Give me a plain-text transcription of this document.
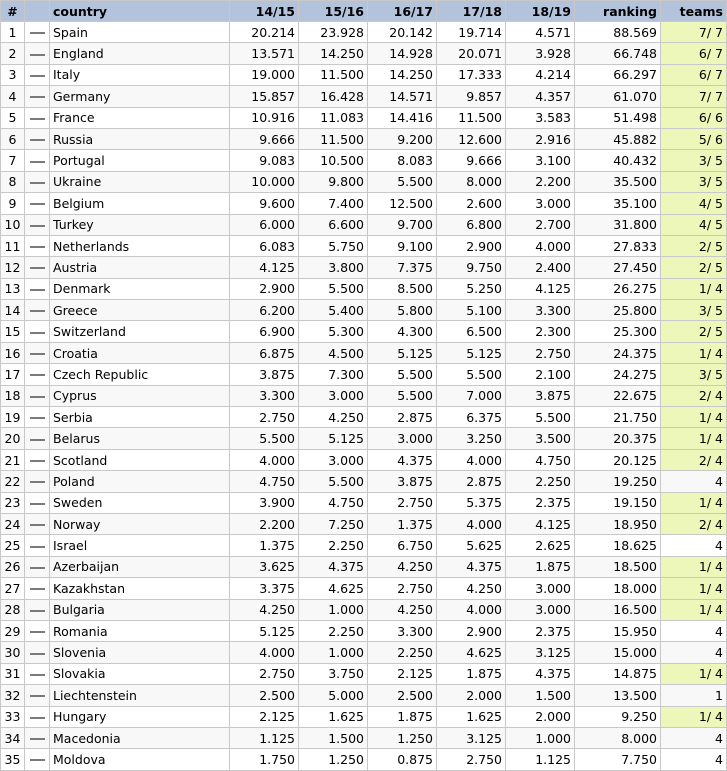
#		country	14/15	15/16	16/17	17/18	18/19	ranking	teams
1		Spain	20.214	23.928	20.142	19.714	4.571	88.569	7/ 7
2		England	13.571	14.250	14.928	20.071	3.928	66.748	6/ 7
3		Italy	19.000	11.500	14.250	17.333	4.214	66.297	6/ 7
4		Germany	15.857	16.428	14.571	9.857	4.357	61.070	7/ 7
5		France	10.916	11.083	14.416	11.500	3.583	51.498	6/ 6
6		Russia	9.666	11.500	9.200	12.600	2.916	45.882	5/ 6
7		Portugal	9.083	10.500	8.083	9.666	3.100	40.432	3/ 5
8		Ukraine	10.000	9.800	5.500	8.000	2.200	35.500	3/ 5
9		Belgium	9.600	7.400	12.500	2.600	3.000	35.100	4/ 5
10		Turkey	6.000	6.600	9.700	6.800	2.700	31.800	4/ 5
11		Netherlands	6.083	5.750	9.100	2.900	4.000	27.833	2/ 5
12		Austria	4.125	3.800	7.375	9.750	2.400	27.450	2/ 5
13		Denmark	2.900	5.500	8.500	5.250	4.125	26.275	1/ 4
14		Greece	6.200	5.400	5.800	5.100	3.300	25.800	3/ 5
15		Switzerland	6.900	5.300	4.300	6.500	2.300	25.300	2/ 5
16		Croatia	6.875	4.500	5.125	5.125	2.750	24.375	1/ 4
17		Czech Republic	3.875	7.300	5.500	5.500	2.100	24.275	3/ 5
18		Cyprus	3.300	3.000	5.500	7.000	3.875	22.675	2/ 4
19		Serbia	2.750	4.250	2.875	6.375	5.500	21.750	1/ 4
20		Belarus	5.500	5.125	3.000	3.250	3.500	20.375	1/ 4
21		Scotland	4.000	3.000	4.375	4.000	4.750	20.125	2/ 4
22		Poland	4.750	5.500	3.875	2.875	2.250	19.250	4
23		Sweden	3.900	4.750	2.750	5.375	2.375	19.150	1/ 4
24		Norway	2.200	7.250	1.375	4.000	4.125	18.950	2/ 4
25		Israel	1.375	2.250	6.750	5.625	2.625	18.625	4
26		Azerbaijan	3.625	4.375	4.250	4.375	1.875	18.500	1/ 4
27		Kazakhstan	3.375	4.625	2.750	4.250	3.000	18.000	1/ 4
28		Bulgaria	4.250	1.000	4.250	4.000	3.000	16.500	1/ 4
29		Romania	5.125	2.250	3.300	2.900	2.375	15.950	4
30		Slovenia	4.000	1.000	2.250	4.625	3.125	15.000	4
31		Slovakia	2.750	3.750	2.125	1.875	4.375	14.875	1/ 4
32		Liechtenstein	2.500	5.000	2.500	2.000	1.500	13.500	1
33		Hungary	2.125	1.625	1.875	1.625	2.000	9.250	1/ 4
34		Macedonia	1.125	1.500	1.250	3.125	1.000	8.000	4
35		Moldova	1.750	1.250	0.875	2.750	1.125	7.750	4
